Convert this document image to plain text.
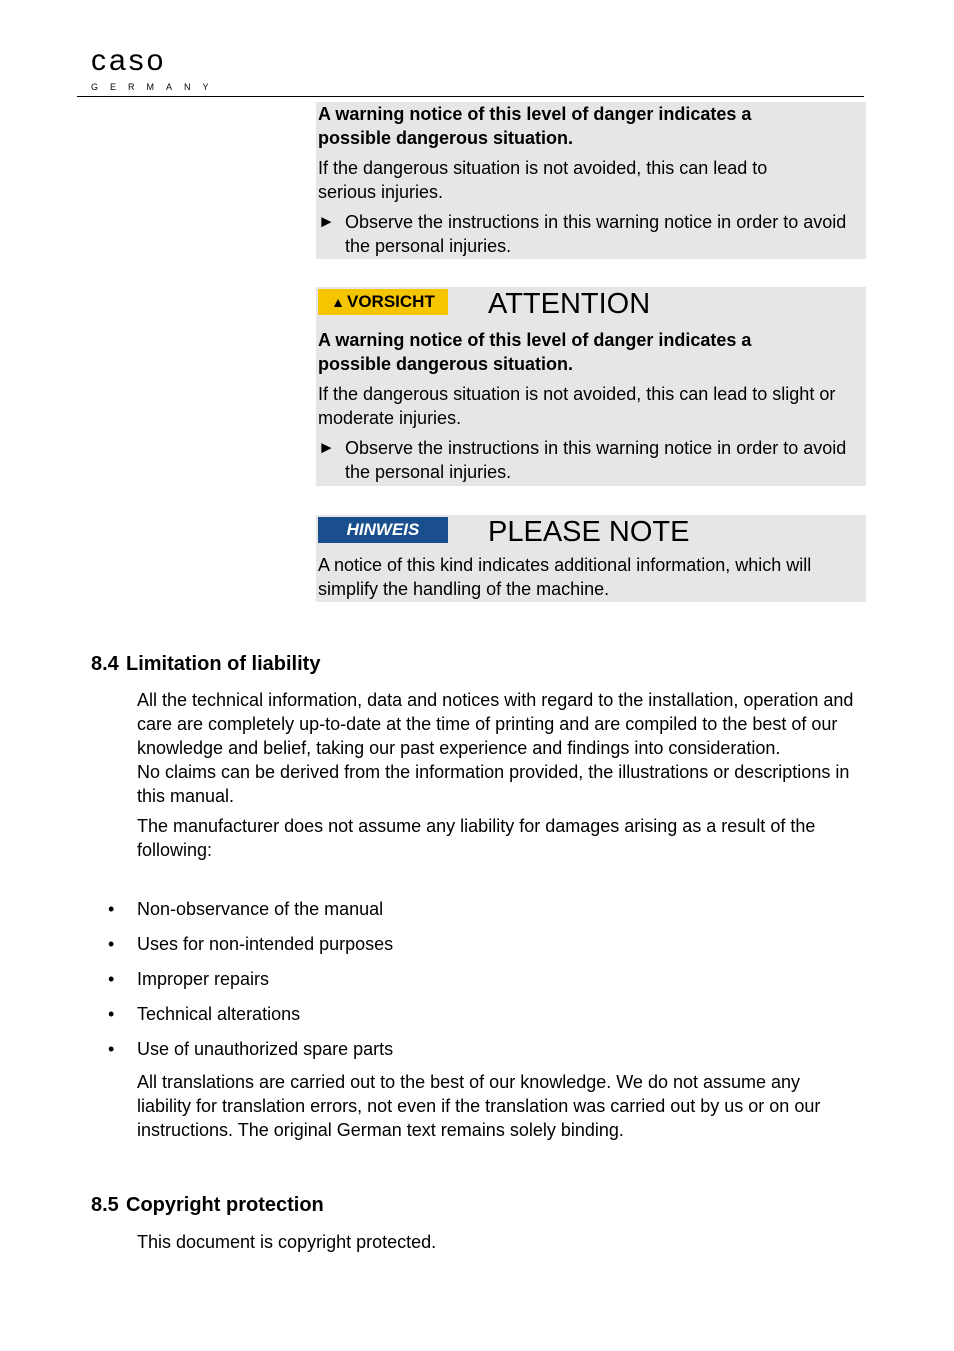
caso
GERMANY

A warning notice of this level of danger indicates a possible dangerous situation.

If the dangerous situation is not avoided, this can lead to serious injuries.

► Observe the instructions in this warning notice in order to avoid the personal injuries.
▲ VORSICHT ATTENTION

A warning notice of this level of danger indicates a possible dangerous situation.

If the dangerous situation is not avoided, this can lead to slight or moderate injuries.

► Observe the instructions in this warning notice in order to avoid the personal injuries.
HINWEIS	PLEASE NOTE

A notice of this kind indicates additional information, which will simplify the handling of the machine.

8.4 Limitation of liability

All the technical information, data and notices with regard to the installation, operation and care are completely up-to-date at the time of printing and are compiled to the best of our knowledge and belief, taking our past experience and findings into consideration.

No claims can be derived from the information provided, the illustrations or descriptions in this manual.

The manufacturer does not assume any liability for damages arising as a result of the following:

• Non-observance of the manual
• Uses for non-intended purposes
• Improper repairs
• Technical alterations
• Use of unauthorized spare parts

All translations are carried out to the best of our knowledge. We do not assume any liability for translation errors, not even if the translation was carried out by us or on our instructions. The original German text remains solely binding.

8.5 Copyright protection

This document is copyright protected.
